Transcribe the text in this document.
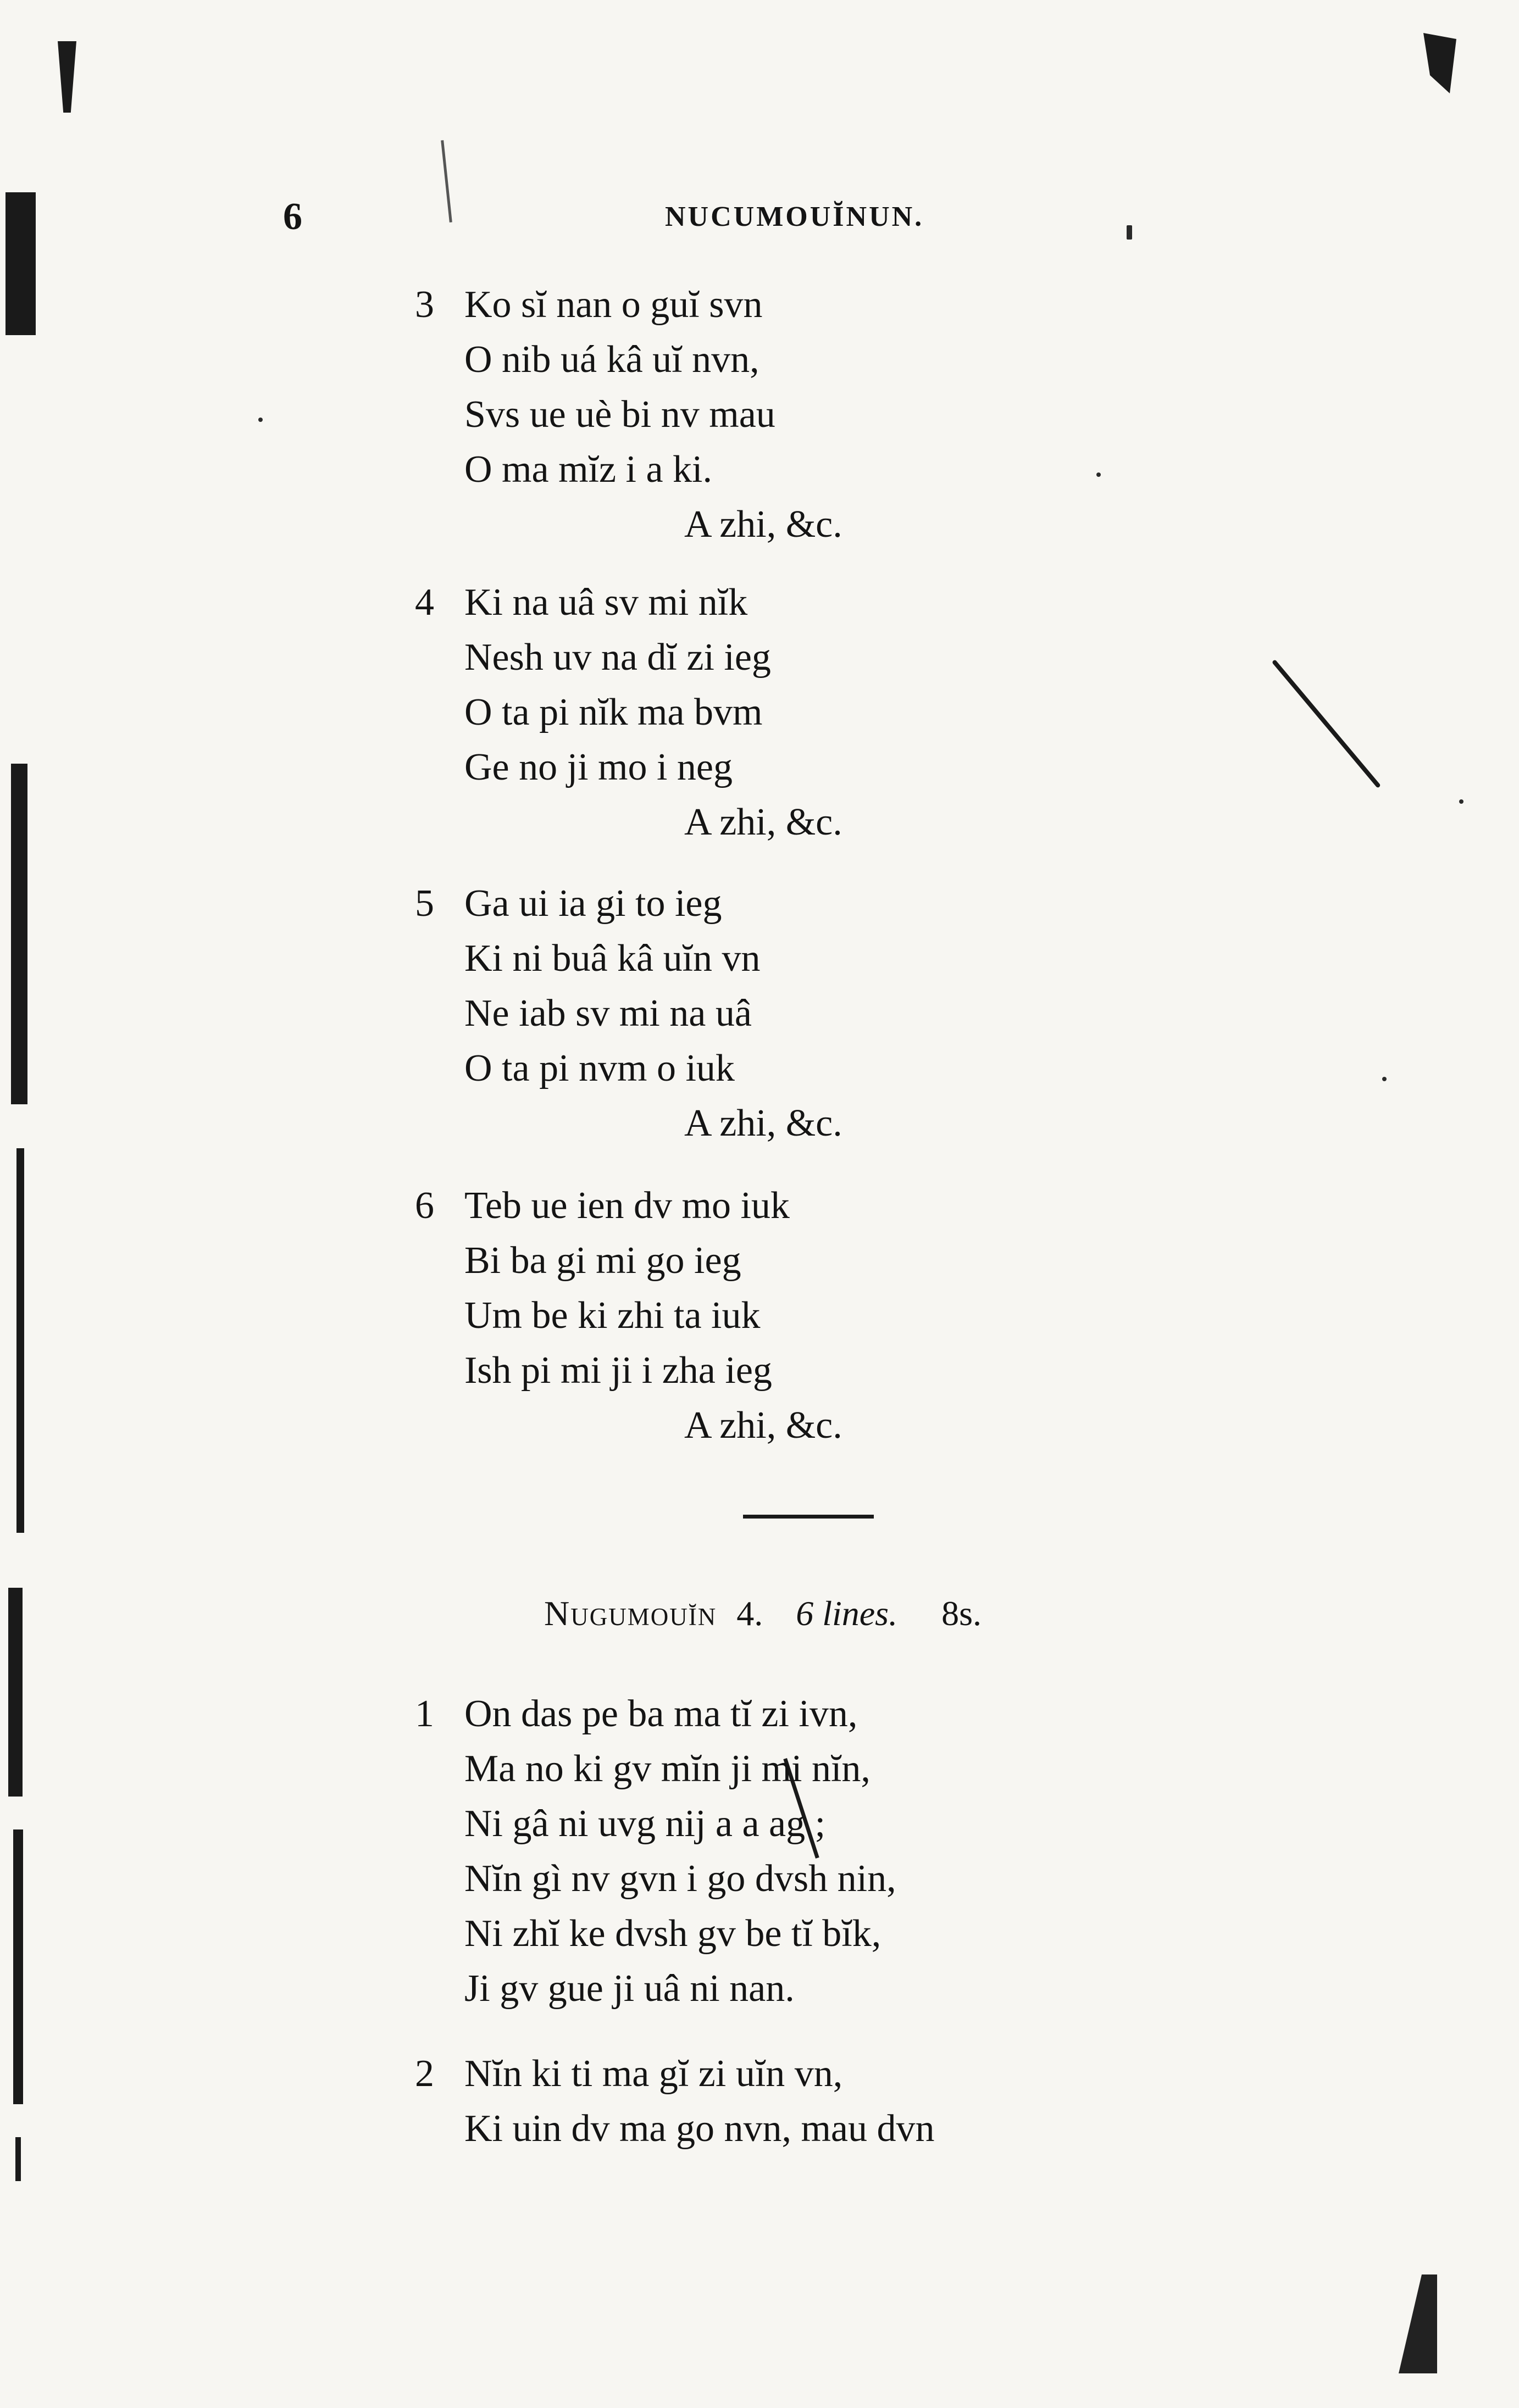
6	NUCUMOUĬNUN.
3 Ko sĭ nan o guĭ svn
O nib uá kâ uĭ nvn,
Svs ue uè bi nv mau
O ma mĭz i a ki.
A zhi, &c.
4 Ki na uâ sv mi nĭk
Nesh uv na dĭ zi ieg
O ta pi nĭk ma bvm
Ge no ji mo i neg
A zhi, &c.
5 Ga ui ia gi to ieg
Ki ni buâ kâ uĭn vn
Ne iab sv mi na uâ
O ta pi nvm o iuk
A zhi, &c.
6 Teb ue ien dv mo iuk
Bi ba gi mi go ieg
Um be ki zhi ta iuk
Ish pi mi ji i zha ieg
A zhi, &c.
Nugumouĭn 4. 6 lines. 8s.
1 On das pe ba ma tĭ zi ivn,
Ma no ki gv mĭn ji mi nĭn,
Ni gâ ni uvg nij a a ag ;
Nĭn gì nv gvn i go dvsh nin,
Ni zhĭ ke dvsh gv be tĭ bĭk,
Ji gv gue ji uâ ni nan.
2 Nĭn ki ti ma gĭ zi uĭn vn,
Ki uin dv ma go nvn, mau dvn
